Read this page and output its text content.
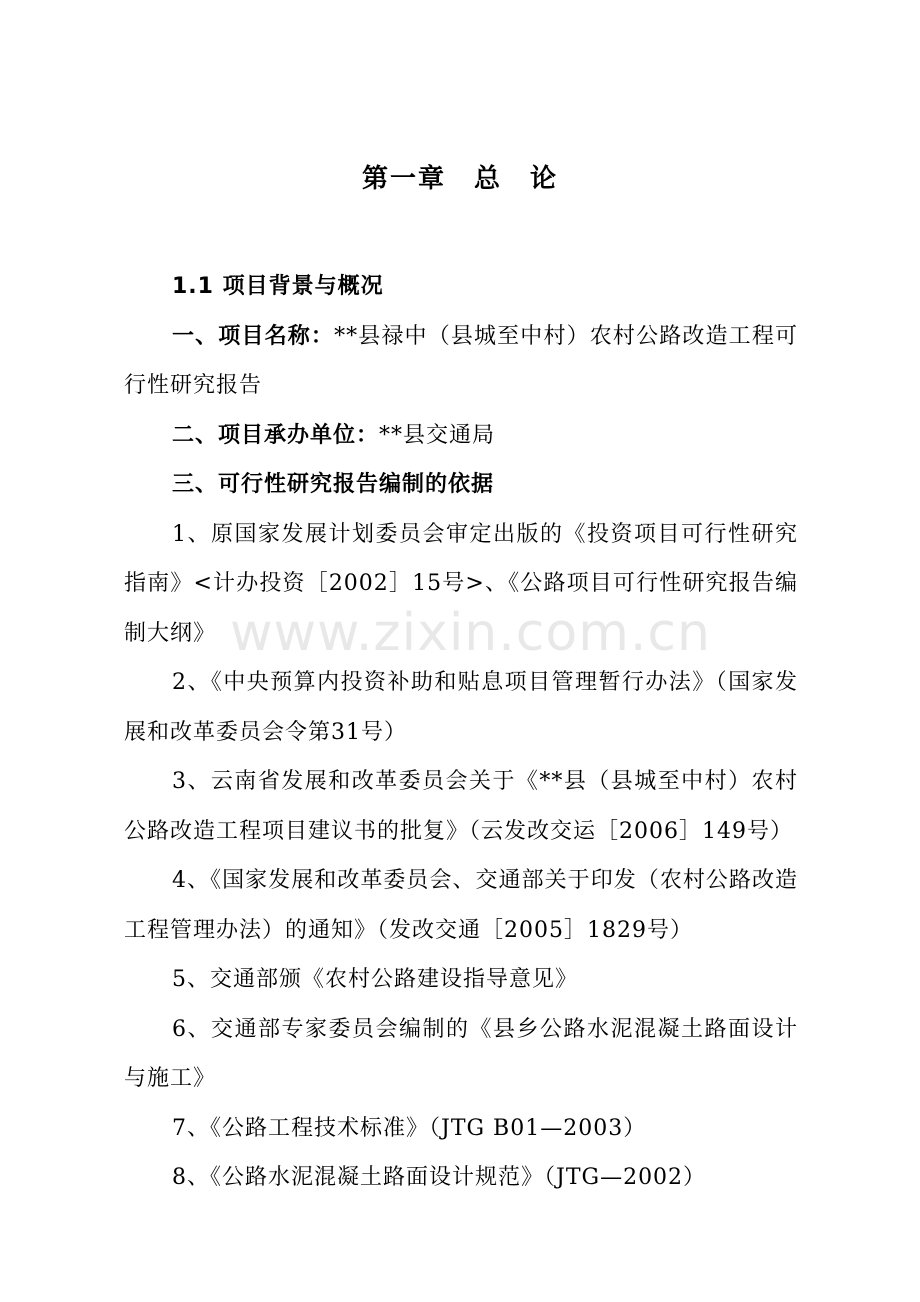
第一章　总　论

1.1 项目背景与概况

一、项目名称：**县禄中（县城至中村）农村公路改造工程可行性研究报告

二、项目承办单位：**县交通局

三、可行性研究报告编制的依据

1、原国家发展计划委员会审定出版的《投资项目可行性研究指南》<计办投资［2002］15号>、《公路项目可行性研究报告编制大纲》

2、《中央预算内投资补助和贴息项目管理暂行办法》（国家发展和改革委员会令第31号）

3、云南省发展和改革委员会关于《**县（县城至中村）农村公路改造工程项目建议书的批复》（云发改交运［2006］149号）

4、《国家发展和改革委员会、交通部关于印发（农村公路改造工程管理办法）的通知》（发改交通［2005］1829号）

5、交通部颁《农村公路建设指导意见》

6、交通部专家委员会编制的《县乡公路水泥混凝土路面设计与施工》

7、《公路工程技术标准》（JTG B01—2003）

8、《公路水泥混凝土路面设计规范》（JTG—2002）

www.zixin.com.cn
